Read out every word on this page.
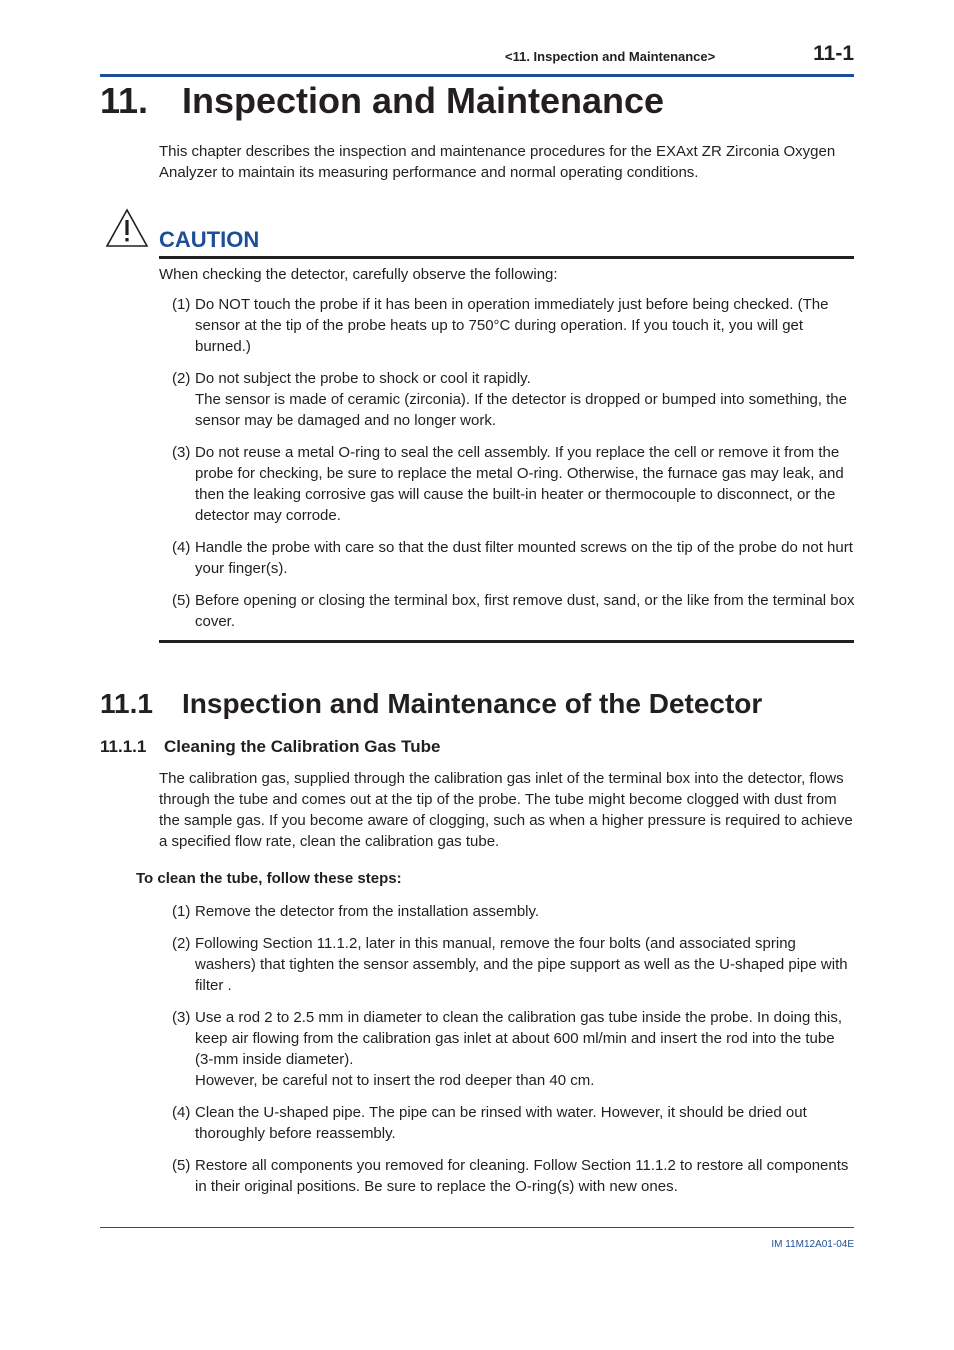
<11. Inspection and Maintenance>	11-1
11. Inspection and Maintenance

This chapter describes the inspection and maintenance procedures for the EXAxt ZR Zirconia Oxygen Analyzer to maintain its measuring performance and normal operating conditions.

CAUTION

When checking the detector, carefully observe the following:

(1) Do NOT touch the probe if it has been in operation immediately just before being checked. (The sensor at the tip of the probe heats up to 750°C during operation. If you touch it, you will get burned.)
(2) Do not subject the probe to shock or cool it rapidly.
The sensor is made of ceramic (zirconia). If the detector is dropped or bumped into something, the sensor may be damaged and no longer work.
(3) Do not reuse a metal O-ring to seal the cell assembly. If you replace the cell or remove it from the probe for checking, be sure to replace the metal O-ring. Otherwise, the furnace gas may leak, and then the leaking corrosive gas will cause the built-in heater or thermocouple to disconnect, or the detector may corrode.
(4) Handle the probe with care so that the dust filter mounted screws on the tip of the probe do not hurt your finger(s).
(5) Before opening or closing the terminal box, first remove dust, sand, or the like from the terminal box cover.
11.1 Inspection and Maintenance of the Detector
11.1.1 Cleaning the Calibration Gas Tube

The calibration gas, supplied through the calibration gas inlet of the terminal box into the detector, flows through the tube and comes out at the tip of the probe. The tube might become clogged with dust from the sample gas. If you become aware of clogging, such as when a higher pressure is required to achieve a specified flow rate, clean the calibration gas tube.

To clean the tube, follow these steps:
(1) Remove the detector from the installation assembly.
(2) Following Section 11.1.2, later in this manual, remove the four bolts (and associated spring washers) that tighten the sensor assembly, and the pipe support as well as the U-shaped pipe with filter .
(3) Use a rod 2 to 2.5 mm in diameter to clean the calibration gas tube inside the probe. In doing this, keep air flowing from the calibration gas inlet at about 600 ml/min and insert the rod into the tube (3-mm inside diameter).
However, be careful not to insert the rod deeper than 40 cm.
(4) Clean the U-shaped pipe. The pipe can be rinsed with water. However, it should be dried out thoroughly before reassembly.
(5) Restore all components you removed for cleaning. Follow Section 11.1.2 to restore all components in their original positions. Be sure to replace the O-ring(s) with new ones.
IM 11M12A01-04E
